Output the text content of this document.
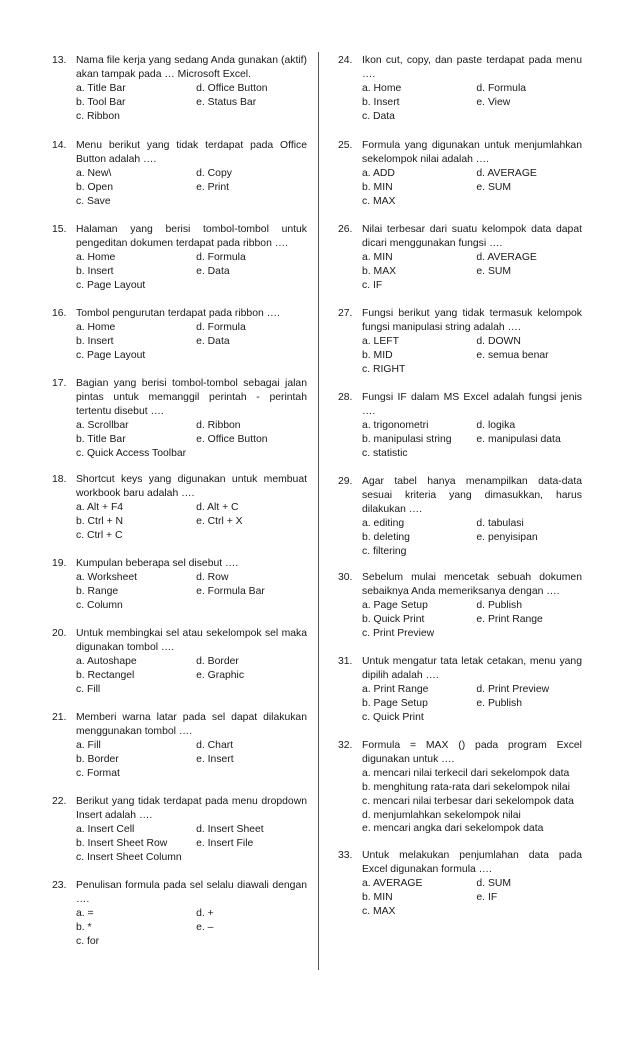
13. Nama file kerja yang sedang Anda gunakan (aktif) akan tampak pada … Microsoft Excel.
a. Title Bar	d. Office Button
b. Tool Bar	e. Status Bar
c. Ribbon
14. Menu berikut yang tidak terdapat pada Office Button adalah ….
a. New\	d. Copy
b. Open	e. Print
c. Save
15. Halaman yang berisi tombol-tombol untuk pengeditan dokumen terdapat pada ribbon ….
a. Home	d. Formula
b. Insert	e. Data
c. Page Layout
16. Tombol pengurutan terdapat pada ribbon ….
a. Home	d. Formula
b. Insert	e. Data
c. Page Layout
17. Bagian yang berisi tombol-tombol sebagai jalan pintas untuk memanggil perintah - perintah tertentu disebut ….
a. Scrollbar	d. Ribbon
b. Title Bar	e. Office Button
c. Quick Access Toolbar
18. Shortcut keys yang digunakan untuk membuat workbook baru adalah ….
a. Alt + F4	d. Alt + C
b. Ctrl + N	e. Ctrl + X
c. Ctrl + C
19. Kumpulan beberapa sel disebut ….
a. Worksheet	d. Row
b. Range	e. Formula Bar
c. Column
20. Untuk membingkai sel atau sekelompok sel maka digunakan tombol ….
a. Autoshape	d. Border
b. Rectangel	e. Graphic
c. Fill
21. Memberi warna latar pada sel dapat dilakukan menggunakan tombol ….
a. Fill	d. Chart
b. Border	e. Insert
c. Format
22. Berikut yang tidak terdapat pada menu dropdown Insert adalah ….
a. Insert Cell	d. Insert Sheet
b. Insert Sheet Row	e. Insert File
c. Insert Sheet Column
23. Penulisan formula pada sel selalu diawali dengan ….
a. =	d. +
b. *	e. –
c. for
24. Ikon cut, copy, dan paste terdapat pada menu ….
a. Home	d. Formula
b. Insert	e. View
c. Data
25. Formula yang digunakan untuk menjumlahkan sekelompok nilai adalah ….
a. ADD	d. AVERAGE
b. MIN	e. SUM
c. MAX
26. Nilai terbesar dari suatu kelompok data dapat dicari menggunakan fungsi ….
a. MIN	d. AVERAGE
b. MAX	e. SUM
c. IF
27. Fungsi berikut yang tidak termasuk kelompok fungsi manipulasi string adalah ….
a. LEFT	d. DOWN
b. MID	e. semua benar
c. RIGHT
28. Fungsi IF dalam MS Excel adalah fungsi jenis ….
a. trigonometri	d. logika
b. manipulasi string	e. manipulasi data
c. statistic
29. Agar tabel hanya menampilkan data-data sesuai kriteria yang dimasukkan, harus dilakukan ….
a. editing	d. tabulasi
b. deleting	e. penyisipan
c. filtering
30. Sebelum mulai mencetak sebuah dokumen sebaiknya Anda memeriksanya dengan ….
a. Page Setup	d. Publish
b. Quick Print	e. Print Range
c. Print Preview
31. Untuk mengatur tata letak cetakan, menu yang dipilih adalah ….
a. Print Range	d. Print Preview
b. Page Setup	e. Publish
c. Quick Print
32. Formula = MAX () pada program Excel digunakan untuk ….
a. mencari nilai terkecil dari sekelompok data
b. menghitung rata-rata dari sekelompok nilai
c. mencari nilai terbesar dari sekelompok data
d. menjumlahkan sekelompok nilai
e. mencari angka dari sekelompok data
33. Untuk melakukan penjumlahan data pada Excel digunakan formula ….
a. AVERAGE	d. SUM
b. MIN	e. IF
c. MAX
